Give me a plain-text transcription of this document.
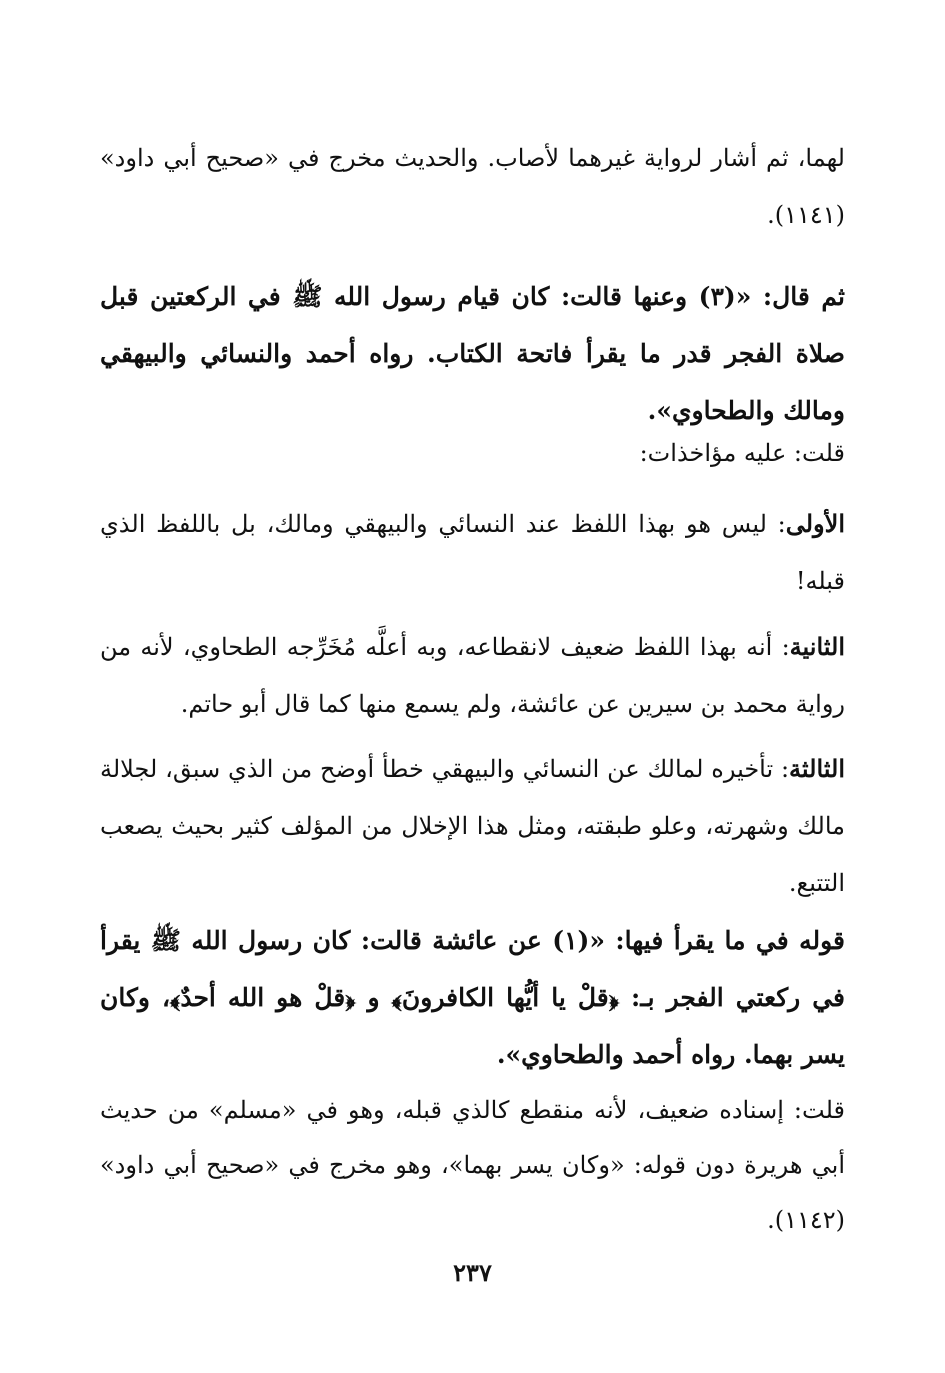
لهما، ثم أشار لرواية غيرهما لأصاب. والحديث مخرج في «صحيح أبي داود» (١١٤١).

ثم قال: «(٣) وعنها قالت: كان قيام رسول الله ﷺ في الركعتين قبل صلاة الفجر قدر ما يقرأ فاتحة الكتاب. رواه أحمد والنسائي والبيهقي ومالك والطحاوي».

قلت: عليه مؤاخذات:

الأولى: ليس هو بهذا اللفظ عند النسائي والبيهقي ومالك، بل باللفظ الذي قبله!

الثانية: أنه بهذا اللفظ ضعيف لانقطاعه، وبه أعلَّه مُخَرِّجه الطحاوي، لأنه من رواية محمد بن سيرين عن عائشة، ولم يسمع منها كما قال أبو حاتم.

الثالثة: تأخيره لمالك عن النسائي والبيهقي خطأ أوضح من الذي سبق، لجلالة مالك وشهرته، وعلو طبقته، ومثل هذا الإخلال من المؤلف كثير بحيث يصعب التتبع.

قوله في ما يقرأ فيها: «(١) عن عائشة قالت: كان رسول الله ﷺ يقرأ في ركعتي الفجر بـ: ﴿قلْ يا أيُّها الكافرونَ﴾ و ﴿قلْ هو الله أحدٌ﴾، وكان يسر بهما. رواه أحمد والطحاوي».

قلت: إسناده ضعيف، لأنه منقطع كالذي قبله، وهو في «مسلم» من حديث أبي هريرة دون قوله: «وكان يسر بهما»، وهو مخرج في «صحيح أبي داود» (١١٤٢).

٢٣٧
